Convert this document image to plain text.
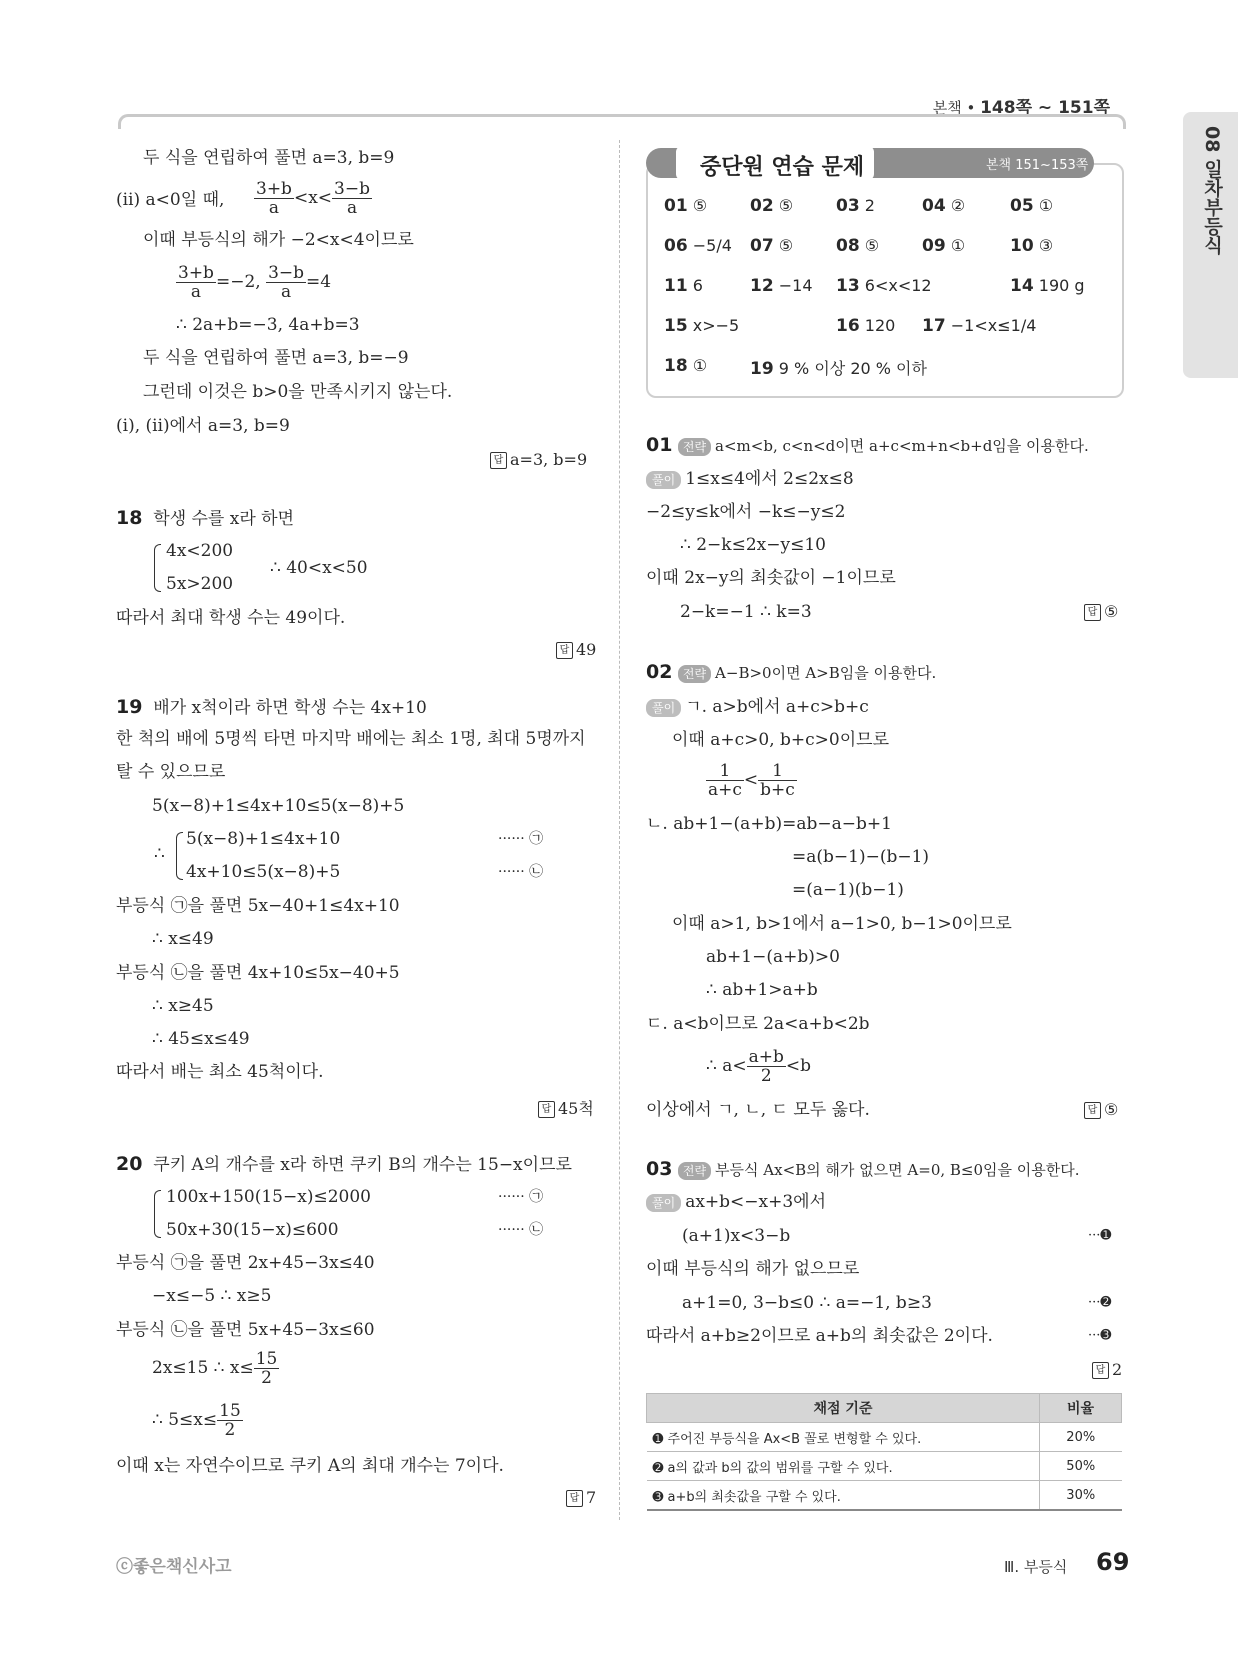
본책 • 148쪽 ~ 151쪽
08 일차부등식
두 식을 연립하여 풀면 a=3, b=9
(ⅱ) a<0일 때, $\frac{3+b}{a} <x< \frac{3-b}{a}$
이때 부등식의 해가 −2<x<4이므로
$\frac{3+b}{a} =-2$, $\frac{3-b}{a} =4$
∴ 2a+b=−3, 4a+b=3
두 식을 연립하여 풀면 a=3, b=−9
그런데 이것은 b>0을 만족시키지 않는다.
(ⅰ), (ⅱ)에서 a=3, b=9
답 a=3, b=9
18 학생 수를 x라 하면
4x<200
5x>200
∴ 40<x<50
따라서 최대 학생 수는 49이다.
답 49
19 배가 x척이라 하면 학생 수는 4x+10
한 척의 배에 5명씩 타면 마지막 배에는 최소 1명, 최대 5명까지
탈 수 있으므로
5(x−8)+1≤4x+10≤5(x−8)+5
∴
5(x−8)+1≤4x+10
4x+10≤5(x−8)+5
······ ㉠
······ ㉡
부등식 ㉠을 풀면 5x−40+1≤4x+10
∴ x≤49
부등식 ㉡을 풀면 4x+10≤5x−40+5
∴ x≥45
∴ 45≤x≤49
따라서 배는 최소 45척이다.
답 45척
20 쿠키 A의 개수를 x라 하면 쿠키 B의 개수는 15−x이므로
100x+150(15−x)≤2000
50x+30(15−x)≤600
······ ㉠
······ ㉡
부등식 ㉠을 풀면 2x+45−3x≤40
−x≤−5 ∴ x≥5
부등식 ㉡을 풀면 5x+45−3x≤60
2x≤15 ∴ $x\le \frac{15}{2}$
∴ $5\le x\le \frac{15}{2}$
이때 x는 자연수이므로 쿠키 A의 최대 개수는 7이다.
답 7
중단원 연습 문제	본책 151~153쪽
01 ⑤	02 ⑤	03 2	04 ②	05 ①
06 −5/4 07 ⑤	08 ⑤	09 ①	10 ③
11 6	12 −14 13 6<x<12	14 190 g
15 x>−5	16 120 17 −1<x≤1/4
18 ①	19 9 % 이상 20 % 이하
01 전략 a<m<b, c<n<d이면 a+c<m+n<b+d임을 이용한다.
풀이 1≤x≤4에서 2≤2x≤8
−2≤y≤k에서 −k≤−y≤2
∴ 2−k≤2x−y≤10
이때 2x−y의 최솟값이 −1이므로
2−k=−1 ∴ k=3	답 ⑤
02 전략 A−B>0이면 A>B임을 이용한다.
풀이 ㄱ. a>b에서 a+c>b+c
이때 a+c>0, b+c>0이므로
$\frac{1}{a+c} < \frac{1}{b+c}$
ㄴ. ab+1−(a+b)=ab−a−b+1
=a(b−1)−(b−1)
=(a−1)(b−1)
이때 a>1, b>1에서 a−1>0, b−1>0이므로
ab+1−(a+b)>0
∴ ab+1>a+b
ㄷ. a<b이므로 2a<a+b<2b
∴ $a< \frac{a+b}{2} <b$
이상에서 ㄱ, ㄴ, ㄷ 모두 옳다.	답 ⑤
03 전략 부등식 Ax<B의 해가 없으면 A=0, B≤0임을 이용한다.
풀이 ax+b<−x+3에서
(a+1)x<3−b	···➊
이때 부등식의 해가 없으므로
a+1=0, 3−b≤0 ∴ a=−1, b≥3	···➋
따라서 a+b≥2이므로 a+b의 최솟값은 2이다.	···➌
답 2
채점 기준	비율
➊ 주어진 부등식을 Ax<B 꼴로 변형할 수 있다.	20%
➋ a의 값과 b의 값의 범위를 구할 수 있다.	50%
➌ a+b의 최솟값을 구할 수 있다.	30%
ⓒ좋은책신사고	Ⅲ. 부등식 69
